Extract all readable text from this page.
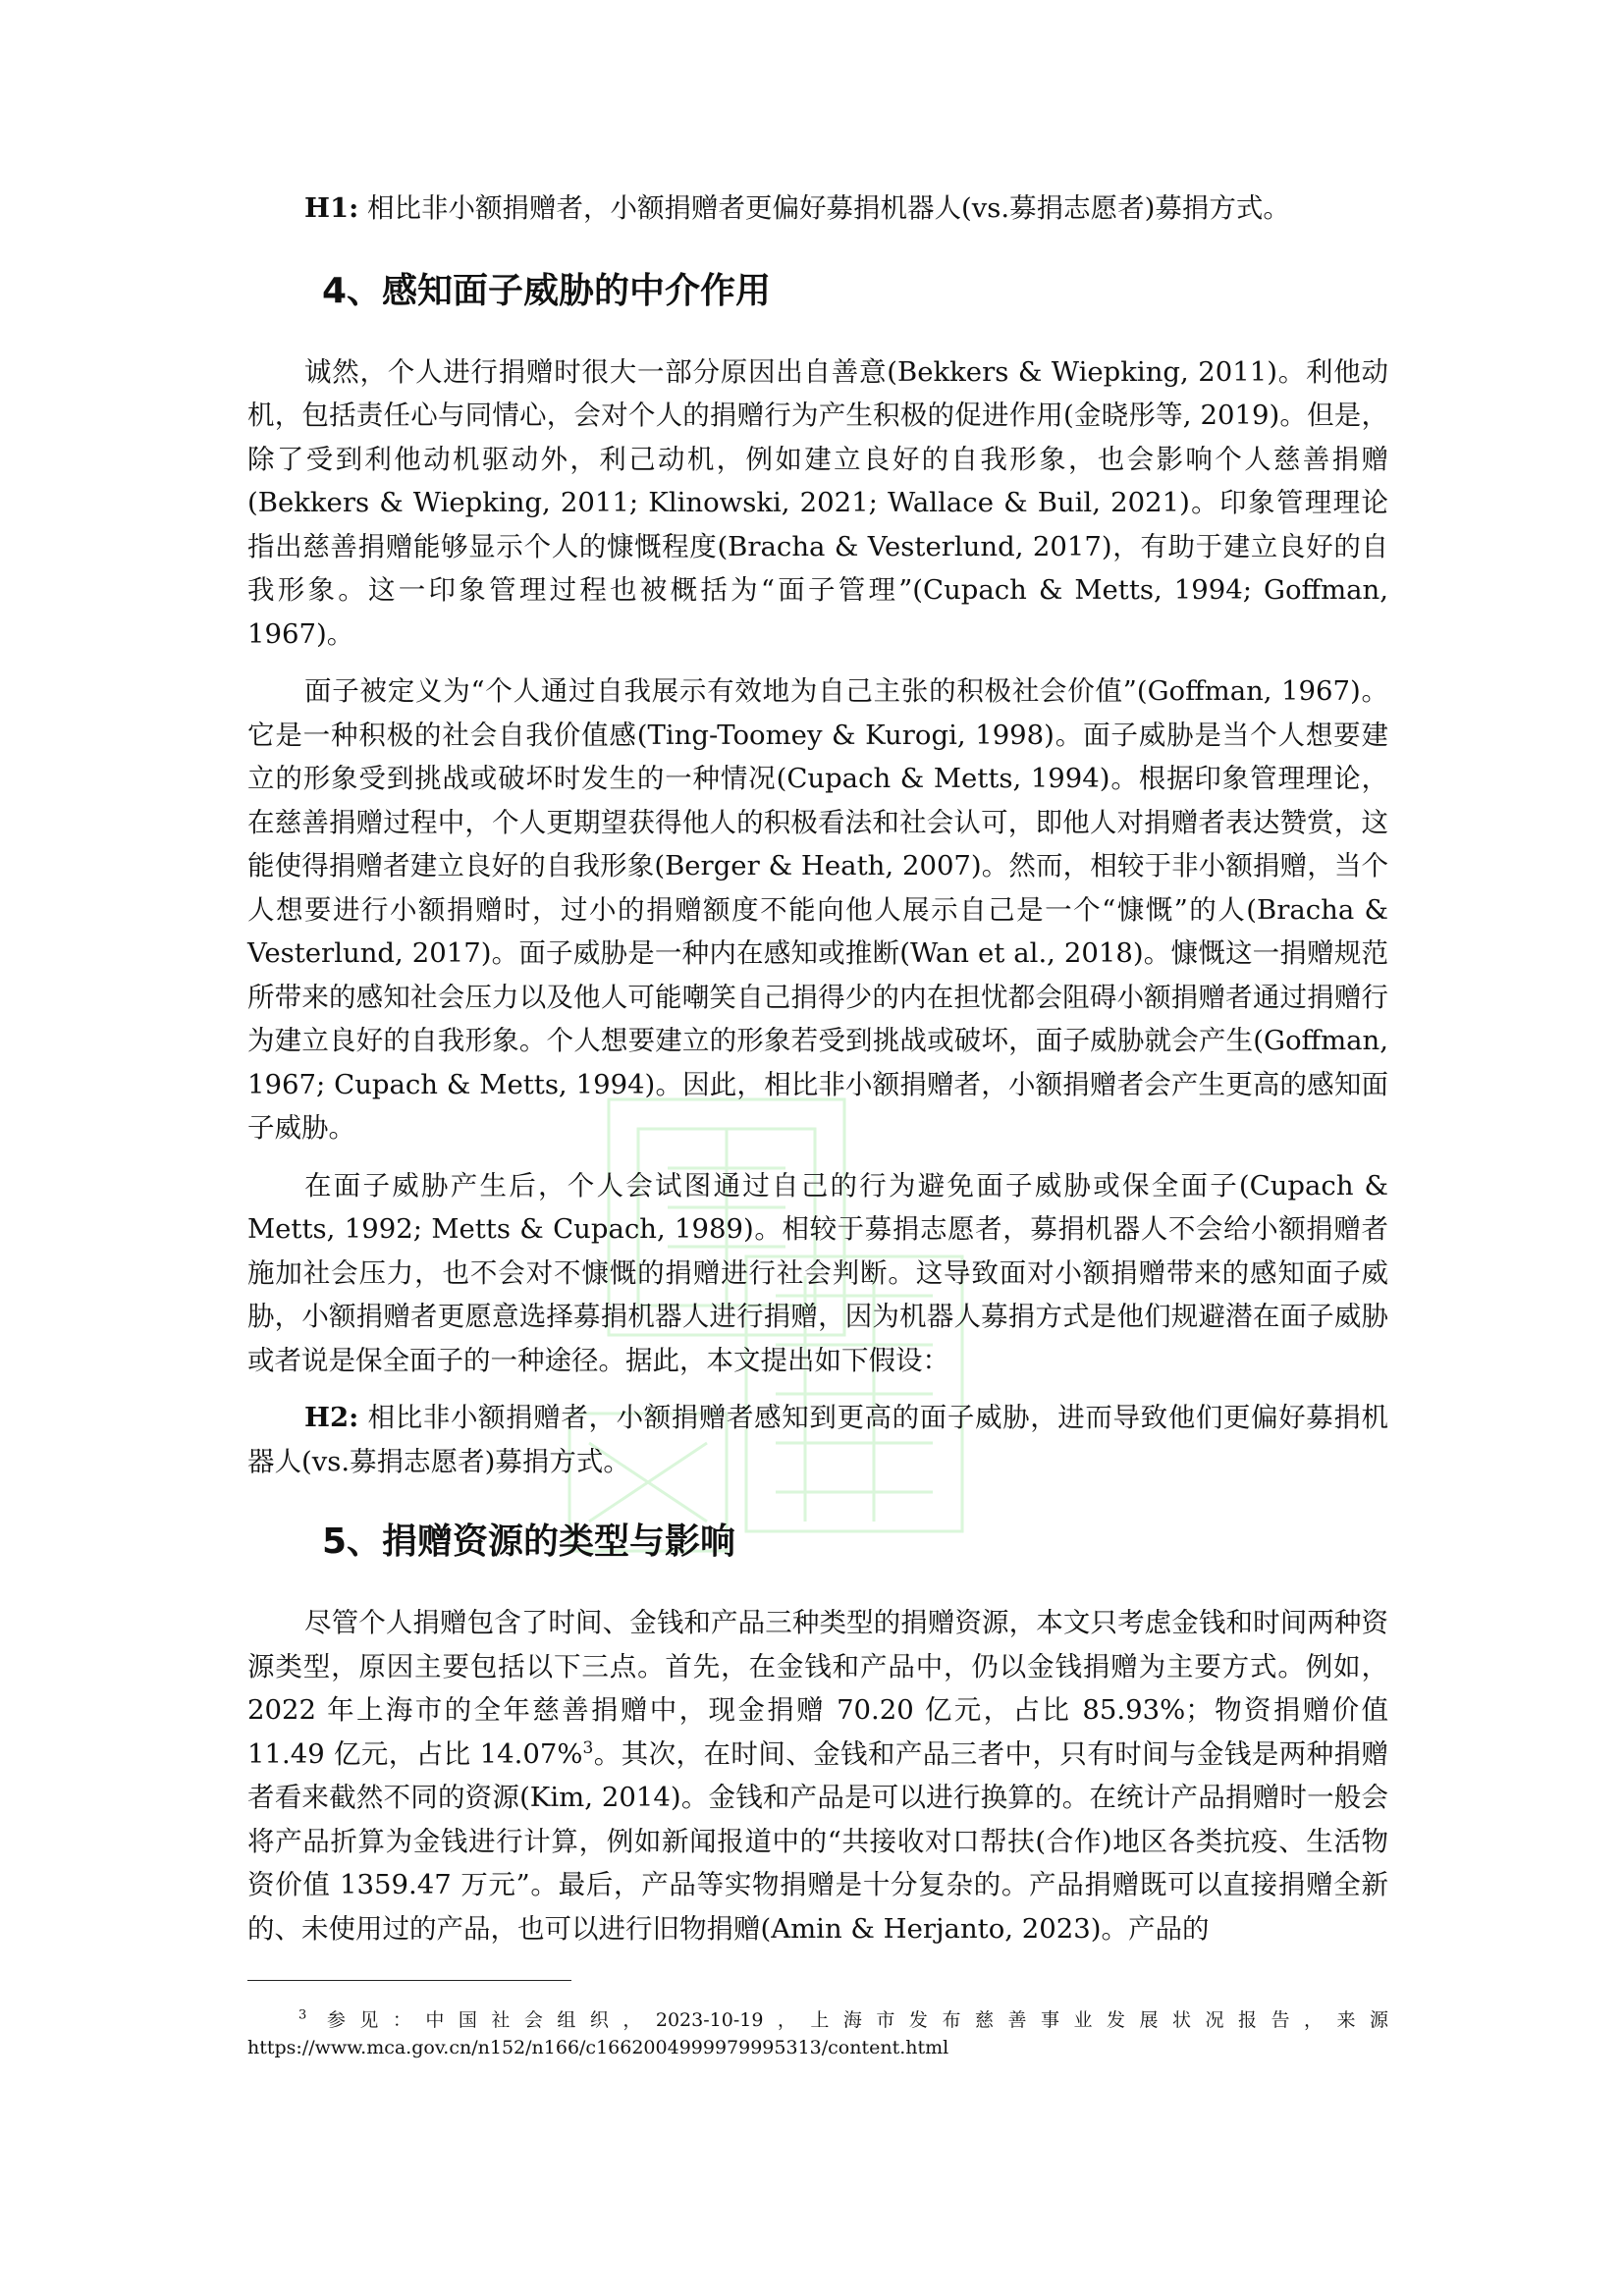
H1: 相比非小额捐赠者，小额捐赠者更偏好募捐机器人(vs.募捐志愿者)募捐方式。

4、感知面子威胁的中介作用

诚然，个人进行捐赠时很大一部分原因出自善意(Bekkers & Wiepking, 2011)。利他动机，包括责任心与同情心，会对个人的捐赠行为产生积极的促进作用(金晓彤等, 2019)。但是，除了受到利他动机驱动外，利己动机，例如建立良好的自我形象，也会影响个人慈善捐赠(Bekkers & Wiepking, 2011; Klinowski, 2021; Wallace & Buil, 2021)。印象管理理论指出慈善捐赠能够显示个人的慷慨程度(Bracha & Vesterlund, 2017)，有助于建立良好的自我形象。这一印象管理过程也被概括为“面子管理”(Cupach & Metts, 1994; Goffman, 1967)。

面子被定义为“个人通过自我展示有效地为自己主张的积极社会价值”(Goffman, 1967)。它是一种积极的社会自我价值感(Ting-Toomey & Kurogi, 1998)。面子威胁是当个人想要建立的形象受到挑战或破坏时发生的一种情况(Cupach & Metts, 1994)。根据印象管理理论，在慈善捐赠过程中，个人更期望获得他人的积极看法和社会认可，即他人对捐赠者表达赞赏，这能使得捐赠者建立良好的自我形象(Berger & Heath, 2007)。然而，相较于非小额捐赠，当个人想要进行小额捐赠时，过小的捐赠额度不能向他人展示自己是一个“慷慨”的人(Bracha & Vesterlund, 2017)。面子威胁是一种内在感知或推断(Wan et al., 2018)。慷慨这一捐赠规范所带来的感知社会压力以及他人可能嘲笑自己捐得少的内在担忧都会阻碍小额捐赠者通过捐赠行为建立良好的自我形象。个人想要建立的形象若受到挑战或破坏，面子威胁就会产生(Goffman, 1967; Cupach & Metts, 1994)。因此，相比非小额捐赠者，小额捐赠者会产生更高的感知面子威胁。

在面子威胁产生后，个人会试图通过自己的行为避免面子威胁或保全面子(Cupach & Metts, 1992; Metts & Cupach, 1989)。相较于募捐志愿者，募捐机器人不会给小额捐赠者施加社会压力，也不会对不慷慨的捐赠进行社会判断。这导致面对小额捐赠带来的感知面子威胁，小额捐赠者更愿意选择募捐机器人进行捐赠，因为机器人募捐方式是他们规避潜在面子威胁或者说是保全面子的一种途径。据此，本文提出如下假设：

H2: 相比非小额捐赠者，小额捐赠者感知到更高的面子威胁，进而导致他们更偏好募捐机器人(vs.募捐志愿者)募捐方式。

5、捐赠资源的类型与影响

尽管个人捐赠包含了时间、金钱和产品三种类型的捐赠资源，本文只考虑金钱和时间两种资源类型，原因主要包括以下三点。首先，在金钱和产品中，仍以金钱捐赠为主要方式。例如，2022 年上海市的全年慈善捐赠中，现金捐赠 70.20 亿元，占比 85.93%；物资捐赠价值 11.49 亿元，占比 14.07%$^3$。其次，在时间、金钱和产品三者中，只有时间与金钱是两种捐赠者看来截然不同的资源(Kim, 2014)。金钱和产品是可以进行换算的。在统计产品捐赠时一般会将产品折算为金钱进行计算，例如新闻报道中的“共接收对口帮扶(合作)地区各类抗疫、生活物资价值 1359.47 万元”。最后，产品等实物捐赠是十分复杂的。产品捐赠既可以直接捐赠全新的、未使用过的产品，也可以进行旧物捐赠(Amin & Herjanto, 2023)。产品的

$^3$ 参见：中国社会组织，2023-10-19，上海市发布慈善事业发展状况报告，来源 https://www.mca.gov.cn/n152/n166/c1662004999979995313/content.html
